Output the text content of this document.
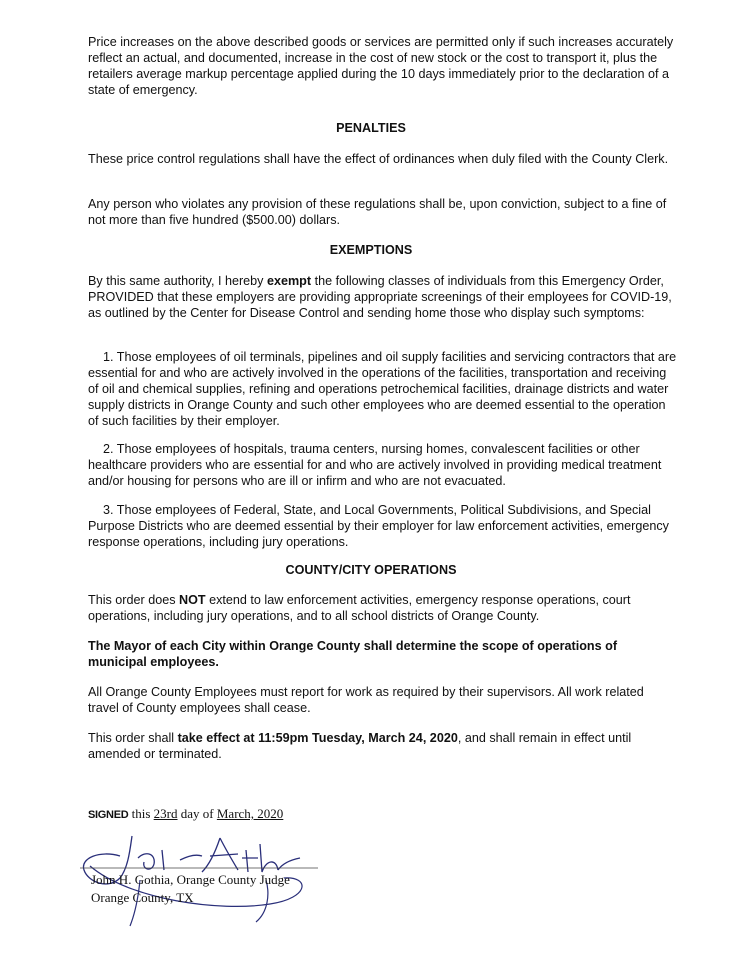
Price increases on the above described goods or services are permitted only if such increases accurately reflect an actual, and documented, increase in the cost of new stock or the cost to transport it, plus the retailers average markup percentage applied during the 10 days immediately prior to the declaration of a state of emergency.

PENALTIES

These price control regulations shall have the effect of ordinances when duly filed with the County Clerk.

Any person who violates any provision of these regulations shall be, upon conviction, subject to a fine of not more than five hundred ($500.00) dollars.

EXEMPTIONS

By this same authority, I hereby exempt the following classes of individuals from this Emergency Order, PROVIDED that these employers are providing appropriate screenings of their employees for COVID-19, as outlined by the Center for Disease Control and sending home those who display such symptoms:

1. Those employees of oil terminals, pipelines and oil supply facilities and servicing contractors that are essential for and who are actively involved in the operations of the facilities, transportation and receiving of oil and chemical supplies, refining and operations petrochemical facilities, drainage districts and water supply districts in Orange County and such other employees who are deemed essential to the operation of such facilities by their employer.

2. Those employees of hospitals, trauma centers, nursing homes, convalescent facilities or other healthcare providers who are essential for and who are actively involved in providing medical treatment and/or housing for persons who are ill or infirm and who are not evacuated.

3. Those employees of Federal, State, and Local Governments, Political Subdivisions, and Special Purpose Districts who are deemed essential by their employer for law enforcement activities, emergency response operations, including jury operations.

COUNTY/CITY OPERATIONS

This order does NOT extend to law enforcement activities, emergency response operations, court operations, including jury operations, and to all school districts of Orange County.

The Mayor of each City within Orange County shall determine the scope of operations of municipal employees.

All Orange County Employees must report for work as required by their supervisors. All work related travel of County employees shall cease.

This order shall take effect at 11:59pm Tuesday, March 24, 2020, and shall remain in effect until amended or terminated.

SIGNED this 23rd day of March, 2020
John H. Gothia, Orange County Judge
Orange County, TX
